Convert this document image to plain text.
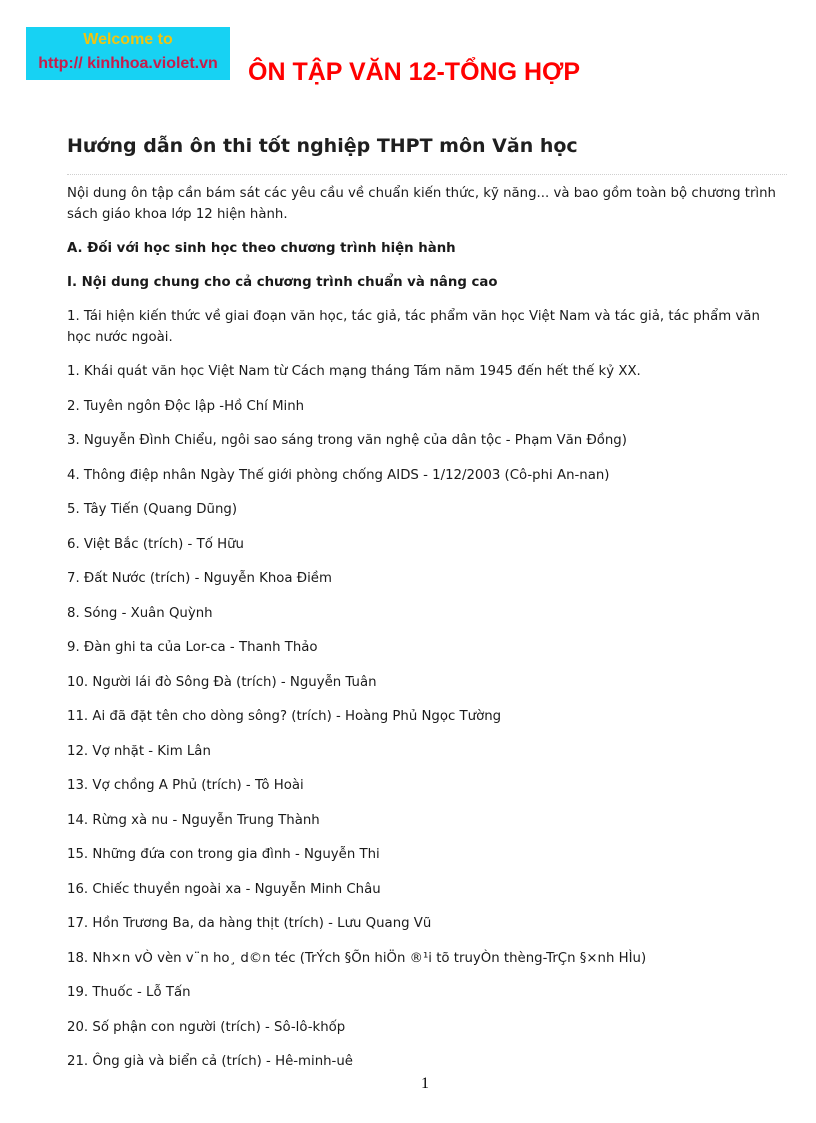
Welcome to
http:// kinhhoa.violet.vn	ÔN TẬP VĂN 12-TỔNG HỢP
Hướng dẫn ôn thi tốt nghiệp THPT môn Văn học

Nội dung ôn tập cần bám sát các yêu cầu về chuẩn kiến thức, kỹ năng... và bao gồm toàn bộ chương trình sách giáo khoa lớp 12 hiện hành.

A. Đối với học sinh học theo chương trình hiện hành

I. Nội dung chung cho cả chương trình chuẩn và nâng cao

1. Tái hiện kiến thức về giai đoạn văn học, tác giả, tác phẩm văn học Việt Nam và tác giả, tác phẩm văn học nước ngoài.

1. Khái quát văn học Việt Nam từ Cách mạng tháng Tám năm 1945 đến hết thế kỷ XX.
2. Tuyên ngôn Độc lập -Hồ Chí Minh
3. Nguyễn Đình Chiểu, ngôi sao sáng trong văn nghệ của dân tộc - Phạm Văn Đồng)
4. Thông điệp nhân Ngày Thế giới phòng chống AIDS - 1/12/2003 (Cô-phi An-nan)
5. Tây Tiến (Quang Dũng)
6. Việt Bắc (trích) - Tố Hữu
7. Đất Nước (trích) - Nguyễn Khoa Điềm
8. Sóng - Xuân Quỳnh
9. Đàn ghi ta của Lor-ca - Thanh Thảo
10. Người lái đò Sông Đà (trích) - Nguyễn Tuân
11. Ai đã đặt tên cho dòng sông? (trích) - Hoàng Phủ Ngọc Tường
12. Vợ nhặt - Kim Lân
13. Vợ chồng A Phủ (trích) - Tô Hoài
14. Rừng xà nu - Nguyễn Trung Thành
15. Những đứa con trong gia đình - Nguyễn Thi
16. Chiếc thuyền ngoài xa - Nguyễn Minh Châu
17. Hồn Trương Ba, da hàng thịt (trích) - Lưu Quang Vũ
18. Nh×n vÒ vèn v¨n ho¸ d©n téc (TrÝch §Õn hiÖn ®¹i tõ truyÒn thèng-TrÇn §×nh HÌu)
19. Thuốc - Lỗ Tấn
20. Số phận con người (trích) - Sô-lô-khốp
21. Ông già và biển cả (trích) - Hê-minh-uê
1
